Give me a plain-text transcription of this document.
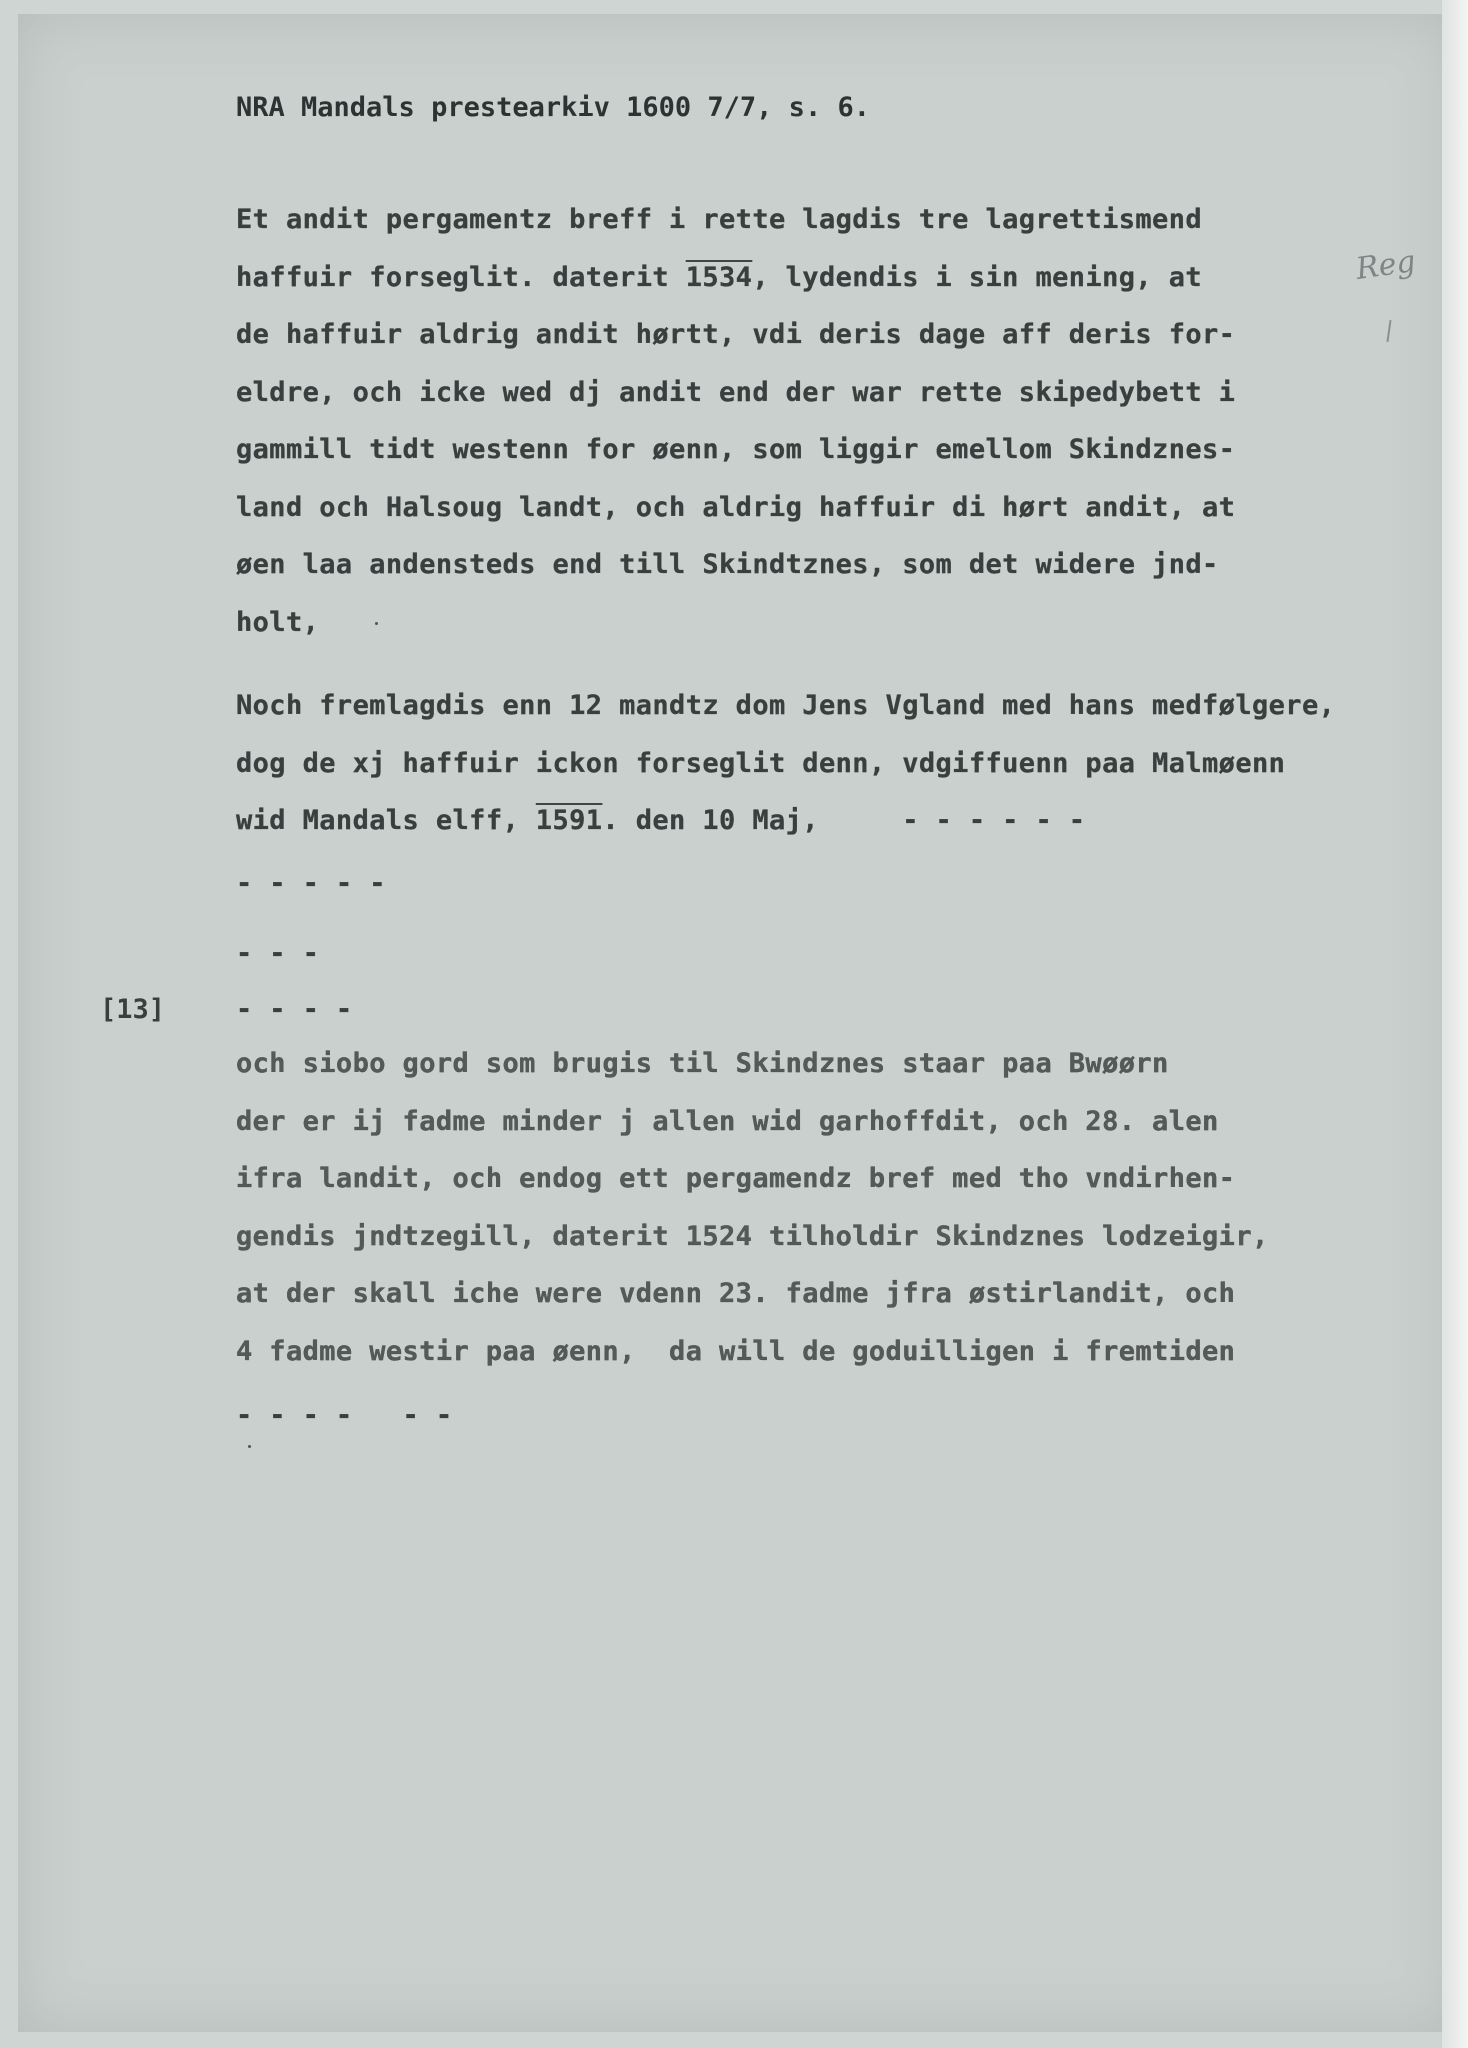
NRA Mandals prestearkiv 1600 7/7, s. 6.
Reg
Et andit pergamentz breff i rette lagdis tre lagrettismend
haffuir forseglit. daterit 1534, lydendis i sin mening, at
de haffuir aldrig andit hørtt, vdi deris dage aff deris for-
eldre, och icke wed dj andit end der war rette skipedybett i
gammill tidt westenn for øenn, som liggir emellom Skindznes-
land och Halsoug landt, och aldrig haffuir di hørt andit, at
øen laa andensteds end till Skindtznes, som det widere jnd-
holt,
Noch fremlagdis enn 12 mandtz dom Jens Vgland med hans medfølgere,
dog de xj haffuir ickon forseglit denn, vdgiffuenn paa Malmøenn
wid Mandals elff, 1591. den 10 Maj,     - - - - - -
- - - - -
- - -
[13]	- - - -
och siobo gord som brugis til Skindznes staar paa Bwøørn
der er ij fadme minder j allen wid garhoffdit, och 28. alen
ifra landit, och endog ett pergamendz bref med tho vndirhen-
gendis jndtzegill, daterit 1524 tilholdir Skindznes lodzeigir,
at der skall iche were vdenn 23. fadme jfra østirlandit, och
4 fadme westir paa øenn,  da will de goduilligen i fremtiden
- - - -   - -
